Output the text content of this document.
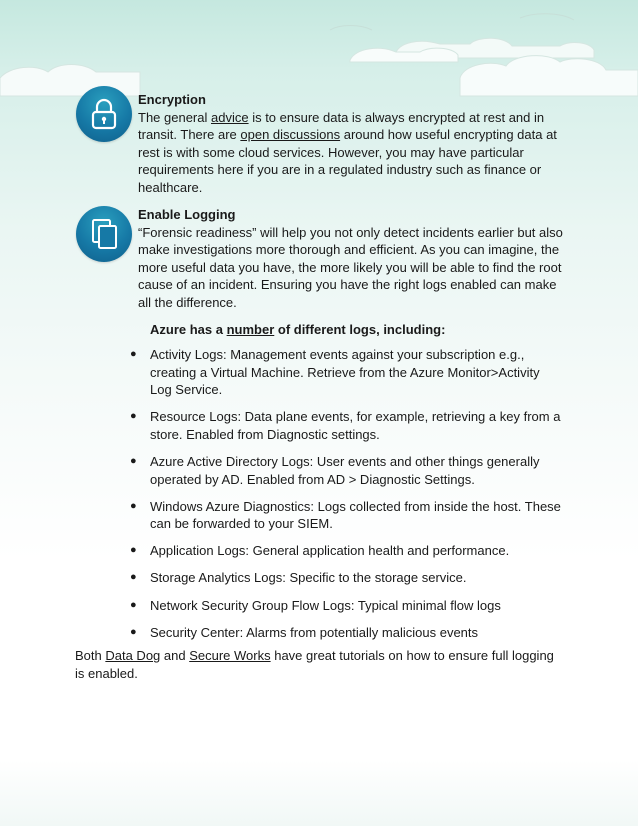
Encryption

The general advice is to ensure data is always encrypted at rest and in transit. There are open discussions around how useful encrypting data at rest is with some cloud services. However, you may have particular requirements here if you are in a regulated industry such as finance or healthcare.

Enable Logging

“Forensic readiness” will help you not only detect incidents earlier but also make investigations more thorough and efficient. As you can imagine, the more useful data you have, the more likely you will be able to find the root cause of an incident. Ensuring you have the right logs enabled can make all the difference.

Azure has a number of different logs, including:
● Activity Logs: Management events against your subscription e.g., creating a Virtual Machine. Retrieve from the Azure Monitor>Activity Log Service.
● Resource Logs: Data plane events, for example, retrieving a key from a store. Enabled from Diagnostic settings.
● Azure Active Directory Logs: User events and other things generally operated by AD. Enabled from AD > Diagnostic Settings.
● Windows Azure Diagnostics: Logs collected from inside the host. These can be forwarded to your SIEM.
● Application Logs: General application health and performance.
● Storage Analytics Logs: Specific to the storage service.
● Network Security Group Flow Logs: Typical minimal flow logs
● Security Center: Alarms from potentially malicious events

Both Data Dog and Secure Works have great tutorials on how to ensure full logging is enabled.
